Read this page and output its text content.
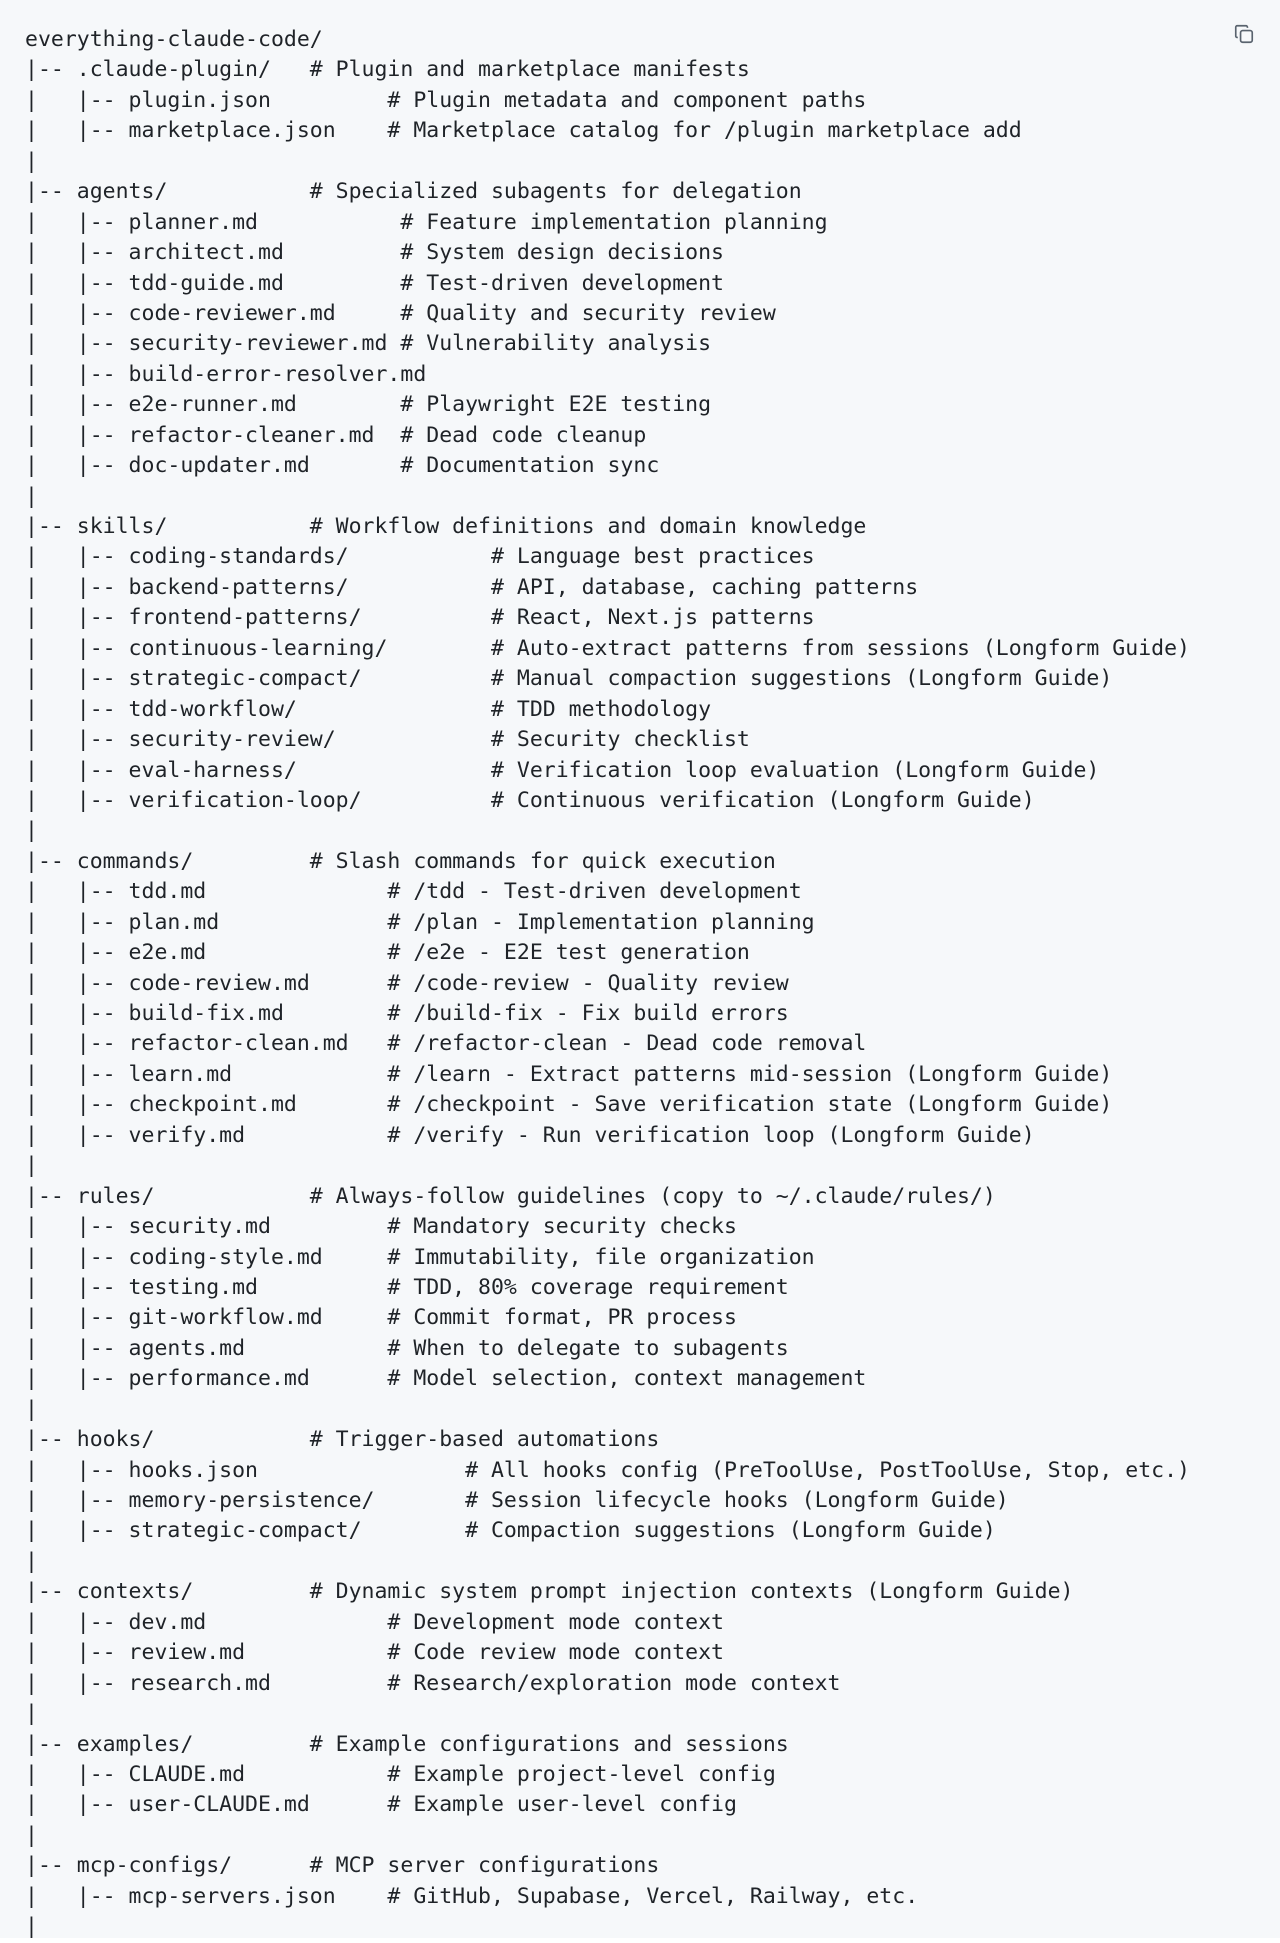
everything-claude-code/
|-- .claude-plugin/   # Plugin and marketplace manifests
|   |-- plugin.json         # Plugin metadata and component paths
|   |-- marketplace.json    # Marketplace catalog for /plugin marketplace add
|
|-- agents/           # Specialized subagents for delegation
|   |-- planner.md           # Feature implementation planning
|   |-- architect.md         # System design decisions
|   |-- tdd-guide.md         # Test-driven development
|   |-- code-reviewer.md     # Quality and security review
|   |-- security-reviewer.md # Vulnerability analysis
|   |-- build-error-resolver.md
|   |-- e2e-runner.md        # Playwright E2E testing
|   |-- refactor-cleaner.md  # Dead code cleanup
|   |-- doc-updater.md       # Documentation sync
|
|-- skills/           # Workflow definitions and domain knowledge
|   |-- coding-standards/           # Language best practices
|   |-- backend-patterns/           # API, database, caching patterns
|   |-- frontend-patterns/          # React, Next.js patterns
|   |-- continuous-learning/        # Auto-extract patterns from sessions (Longform Guide)
|   |-- strategic-compact/          # Manual compaction suggestions (Longform Guide)
|   |-- tdd-workflow/               # TDD methodology
|   |-- security-review/            # Security checklist
|   |-- eval-harness/               # Verification loop evaluation (Longform Guide)
|   |-- verification-loop/          # Continuous verification (Longform Guide)
|
|-- commands/         # Slash commands for quick execution
|   |-- tdd.md              # /tdd - Test-driven development
|   |-- plan.md             # /plan - Implementation planning
|   |-- e2e.md              # /e2e - E2E test generation
|   |-- code-review.md      # /code-review - Quality review
|   |-- build-fix.md        # /build-fix - Fix build errors
|   |-- refactor-clean.md   # /refactor-clean - Dead code removal
|   |-- learn.md            # /learn - Extract patterns mid-session (Longform Guide)
|   |-- checkpoint.md       # /checkpoint - Save verification state (Longform Guide)
|   |-- verify.md           # /verify - Run verification loop (Longform Guide)
|
|-- rules/            # Always-follow guidelines (copy to ~/.claude/rules/)
|   |-- security.md         # Mandatory security checks
|   |-- coding-style.md     # Immutability, file organization
|   |-- testing.md          # TDD, 80% coverage requirement
|   |-- git-workflow.md     # Commit format, PR process
|   |-- agents.md           # When to delegate to subagents
|   |-- performance.md      # Model selection, context management
|
|-- hooks/            # Trigger-based automations
|   |-- hooks.json                # All hooks config (PreToolUse, PostToolUse, Stop, etc.)
|   |-- memory-persistence/       # Session lifecycle hooks (Longform Guide)
|   |-- strategic-compact/        # Compaction suggestions (Longform Guide)
|
|-- contexts/         # Dynamic system prompt injection contexts (Longform Guide)
|   |-- dev.md              # Development mode context
|   |-- review.md           # Code review mode context
|   |-- research.md         # Research/exploration mode context
|
|-- examples/         # Example configurations and sessions
|   |-- CLAUDE.md           # Example project-level config
|   |-- user-CLAUDE.md      # Example user-level config
|
|-- mcp-configs/      # MCP server configurations
|   |-- mcp-servers.json    # GitHub, Supabase, Vercel, Railway, etc.
|
